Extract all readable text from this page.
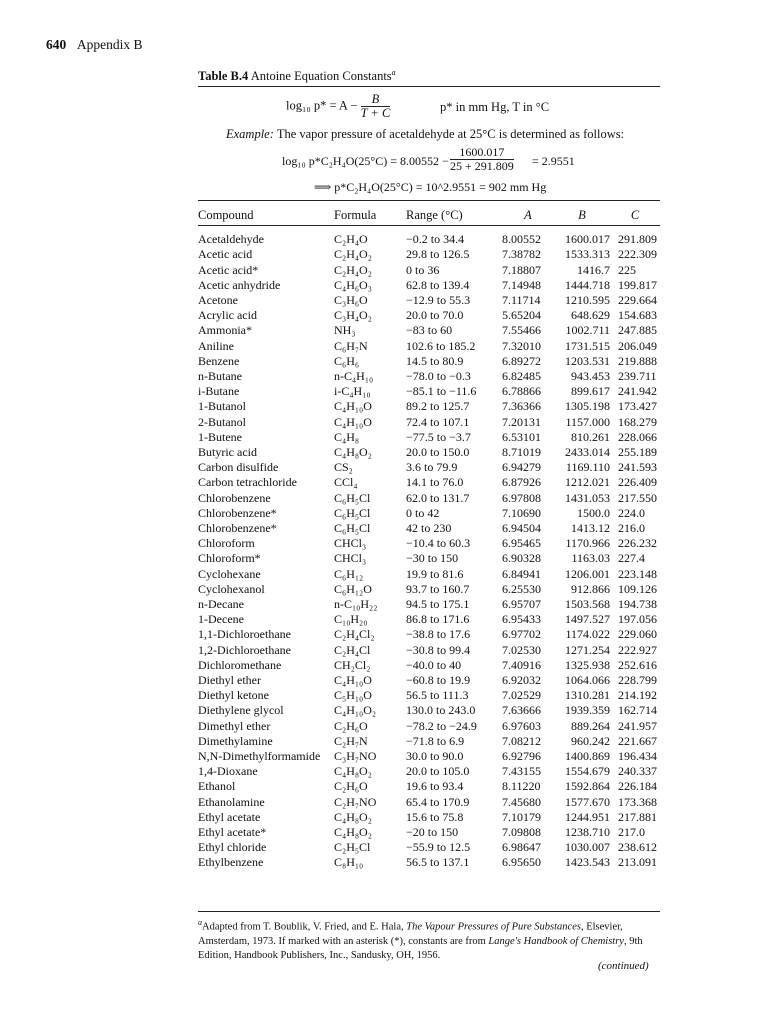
640 Appendix B
Table B.4 Antoine Equation Constants$^a$
log₁₀ $p* = A - \frac{B}{T + C}$	p* in mm Hg, T in °C
Example: The vapor pressure of acetaldehyde at 25°C is determined as follows:
log₁₀ $p*C_2H_4O(25^\circ C) = 8.00552 - \frac{1600.017}{25 + 291.809} = 2.9551$
⟹ p*C₂H₄O(25°C) = 10^2.9551 = 902 mm Hg
Compound	Formula	Range (°C)	A	B	C
Acetaldehyde	C₂H₄O	−0.2 to 34.4	8.00552	1600.017	291.809
Acetic acid	C₂H₄O₂	29.8 to 126.5	7.38782	1533.313	222.309
Acetic acid*	C₂H₄O₂	0 to 36	7.18807	1416.7	225
Acetic anhydride	C₄H₆O₃	62.8 to 139.4	7.14948	1444.718	199.817
Acetone	C₃H₆O	−12.9 to 55.3	7.11714	1210.595	229.664
Acrylic acid	C₃H₄O₂	20.0 to 70.0	5.65204	648.629	154.683
Ammonia*	NH₃	−83 to 60	7.55466	1002.711	247.885
Aniline	C₆H₇N	102.6 to 185.2	7.32010	1731.515	206.049
Benzene	C₆H₆	14.5 to 80.9	6.89272	1203.531	219.888
n-Butane	n-C₄H₁₀	−78.0 to −0.3	6.82485	943.453	239.711
i-Butane	i-C₄H₁₀	−85.1 to −11.6	6.78866	899.617	241.942
1-Butanol	C₄H₁₀O	89.2 to 125.7	7.36366	1305.198	173.427
2-Butanol	C₄H₁₀O	72.4 to 107.1	7.20131	1157.000	168.279
1-Butene	C₄H₈	−77.5 to −3.7	6.53101	810.261	228.066
Butyric acid	C₄H₈O₂	20.0 to 150.0	8.71019	2433.014	255.189
Carbon disulfide	CS₂	3.6 to 79.9	6.94279	1169.110	241.593
Carbon tetrachloride	CCl₄	14.1 to 76.0	6.87926	1212.021	226.409
Chlorobenzene	C₆H₅Cl	62.0 to 131.7	6.97808	1431.053	217.550
Chlorobenzene*	C₆H₅Cl	0 to 42	7.10690	1500.0	224.0
Chlorobenzene*	C₆H₅Cl	42 to 230	6.94504	1413.12	216.0
Chloroform	CHCl₃	−10.4 to 60.3	6.95465	1170.966	226.232
Chloroform*	CHCl₃	−30 to 150	6.90328	1163.03	227.4
Cyclohexane	C₆H₁₂	19.9 to 81.6	6.84941	1206.001	223.148
Cyclohexanol	C₆H₁₂O	93.7 to 160.7	6.25530	912.866	109.126
n-Decane	n-C₁₀H₂₂	94.5 to 175.1	6.95707	1503.568	194.738
1-Decene	C₁₀H₂₀	86.8 to 171.6	6.95433	1497.527	197.056
1,1-Dichloroethane	C₂H₄Cl₂	−38.8 to 17.6	6.97702	1174.022	229.060
1,2-Dichloroethane	C₂H₄Cl	−30.8 to 99.4	7.02530	1271.254	222.927
Dichloromethane	CH₂Cl₂	−40.0 to 40	7.40916	1325.938	252.616
Diethyl ether	C₄H₁₀O	−60.8 to 19.9	6.92032	1064.066	228.799
Diethyl ketone	C₅H₁₀O	56.5 to 111.3	7.02529	1310.281	214.192
Diethylene glycol	C₄H₁₀O₂	130.0 to 243.0	7.63666	1939.359	162.714
Dimethyl ether	C₂H₆O	−78.2 to −24.9	6.97603	889.264	241.957
Dimethylamine	C₂H₇N	−71.8 to 6.9	7.08212	960.242	221.667
N,N-Dimethylformamide	C₃H₇NO	30.0 to 90.0	6.92796	1400.869	196.434
1,4-Dioxane	C₄H₈O₂	20.0 to 105.0	7.43155	1554.679	240.337
Ethanol	C₂H₆O	19.6 to 93.4	8.11220	1592.864	226.184
Ethanolamine	C₂H₇NO	65.4 to 170.9	7.45680	1577.670	173.368
Ethyl acetate	C₄H₈O₂	15.6 to 75.8	7.10179	1244.951	217.881
Ethyl acetate*	C₄H₈O₂	−20 to 150	7.09808	1238.710	217.0
Ethyl chloride	C₂H₅Cl	−55.9 to 12.5	6.98647	1030.007	238.612
Ethylbenzene	C₈H₁₀	56.5 to 137.1	6.95650	1423.543	213.091
$^a$Adapted from T. Boublik, V. Fried, and E. Hala, The Vapour Pressures of Pure Substances, Elsevier, Amsterdam, 1973. If marked with an asterisk (*), constants are from Lange's Handbook of Chemistry, 9th Edition, Handbook Publishers, Inc., Sandusky, OH, 1956.
(continued)
